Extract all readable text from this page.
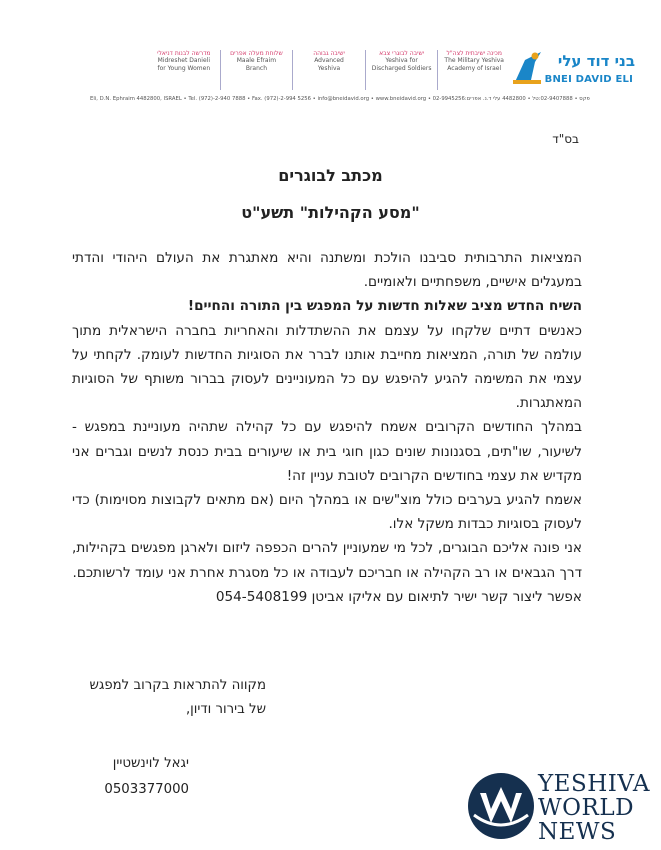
בני דוד עלי
BNEI DAVID ELI
מכינה ישיבתית לצה"ל
The Military Yeshiva
Academy of Israel
ישיבה לבוגרי צבא
Yeshiva for
Discharged Soldiers
ישיבה גבוהה
Advanced
Yeshiva
שלוחת מעלה אפרים
Maale Efraim
Branch
מדרשה לבנות דניאלי
Midreshet Danieli
for Young Women
Eli, D.N. Ephraim 4482800, ISRAEL • Tel. (972)-2-940 7888 • Fax. (972)-2-994 5256 • info@bneidavid.org • www.bneidavid.org • 02-9945256:פקס • 02-9407888:טל • 4482800 עלי ד.נ. אפרים
בס"ד
מכתב לבוגרים
"מסע הקהילות" תשע"ט

המציאות התרבותית סביבנו הולכת ומשתנה והיא מאתגרת את העולם היהודי והדתי במעגלים אישיים, משפחתיים ולאומיים.

השיח החדש מציב שאלות חדשות על המפגש בין התורה והחיים!

כאנשים דתיים שלקחו על עצמם את ההשתדלות והאחריות בחברה הישראלית מתוך עולמה של תורה, המציאות מחייבת אותנו לברר את הסוגיות החדשות לעומק. לקחתי על עצמי את המשימה להגיע להיפגש עם כל המעוניינים לעסוק בברור משותף של הסוגיות המאתגרות.

במהלך החודשים הקרובים אשמח להיפגש עם כל קהילה שתהיה מעוניינת במפגש - לשיעור, שו"תים, בסגנונות שונים כגון חוגי בית או שיעורים בבית כנסת לנשים וגברים אני מקדיש את עצמי בחודשים הקרובים לטובת עניין זה!

אשמח להגיע בערבים כולל מוצ"שים או במהלך היום (אם מתאים לקבוצות מסוימות) כדי לעסוק בסוגיות כבדות משקל אלו.

אני פונה אליכם הבוגרים, לכל מי שמעוניין להרים הכפפה ליזום ולארגן מפגשים בקהילות, דרך הגבאים או רב הקהילה או חבריכם לעבודה או כל מסגרת אחרת אני עומד לרשותכם.

אפשר ליצור קשר ישיר לתיאום עם אליקו אביטן 054-5408199

מקווה להתראות בקרוב למפגש
של בירור ודיון,
יגאל לוינשטיין
0503377000	YESHIVA
WORLD
NEWS
